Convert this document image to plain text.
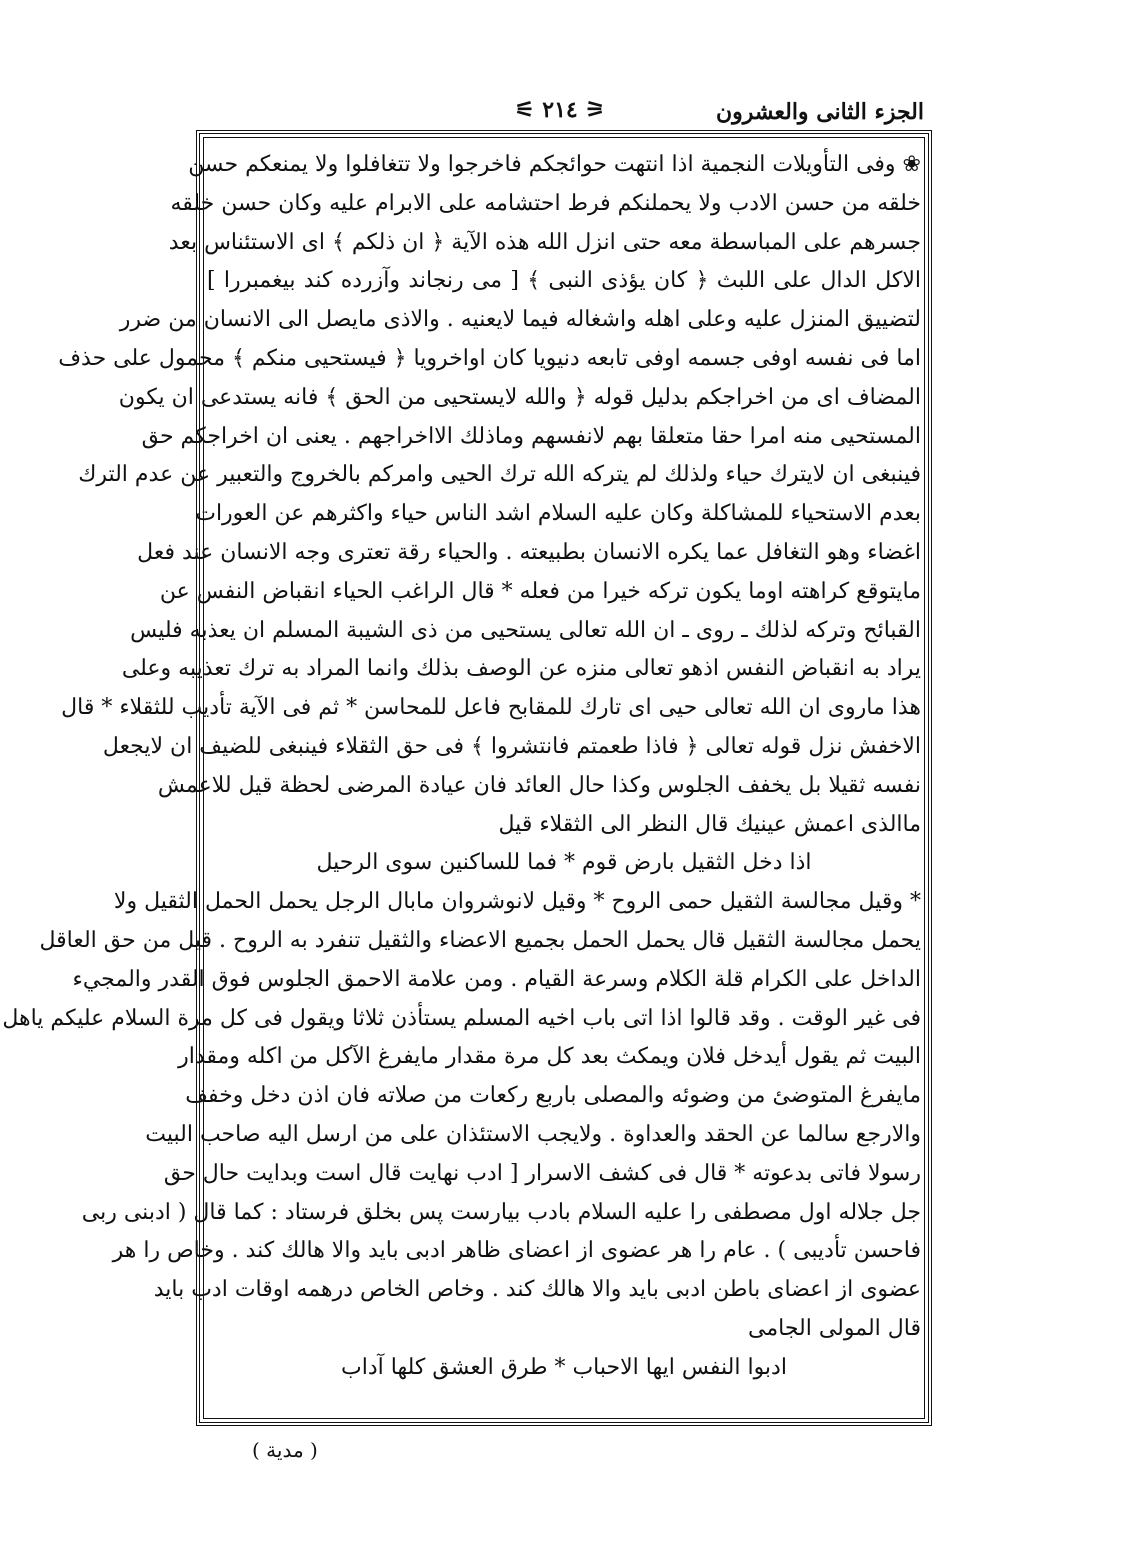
الجزء الثانى والعشرون
⚞ ٢١٤ ⚟
❀ وفى التأويلات النجمية اذا انتهت حوائجكم فاخرجوا ولا تتغافلوا ولا يمنعكم حسن
خلقه من حسن الادب ولا يحملنكم فرط احتشامه على الابرام عليه وكان حسن خلقه
جسرهم على المباسطة معه حتى انزل الله هذه الآية ﴿ ان ذلكم ﴾ اى الاستئناس بعد
الاكل الدال على اللبث ﴿ كان يؤذى النبى ﴾ [ مى رنجاند وآزرده كند بيغمبررا ]
لتضييق المنزل عليه وعلى اهله واشغاله فيما لايعنيه . والاذى مايصل الى الانسان من ضرر
اما فى نفسه اوفى جسمه اوفى تابعه دنيويا كان اواخرويا ﴿ فيستحيى منكم ﴾ محمول على حذف
المضاف اى من اخراجكم بدليل قوله ﴿ والله لايستحيى من الحق ﴾ فانه يستدعى ان يكون
المستحيى منه امرا حقا متعلقا بهم لانفسهم وماذلك الااخراجهم . يعنى ان اخراجكم حق
فينبغى ان لايترك حياء ولذلك لم يتركه الله ترك الحيى وامركم بالخروج والتعبير عن عدم الترك
بعدم الاستحياء للمشاكلة وكان عليه السلام اشد الناس حياء واكثرهم عن العورات
اغضاء وهو التغافل عما يكره الانسان بطبيعته . والحياء رقة تعترى وجه الانسان عند فعل
مايتوقع كراهته اوما يكون تركه خيرا من فعله * قال الراغب الحياء انقباض النفس عن
القبائح وتركه لذلك ـ روى ـ ان الله تعالى يستحيى من ذى الشيبة المسلم ان يعذبه فليس
يراد به انقباض النفس اذهو تعالى منزه عن الوصف بذلك وانما المراد به ترك تعذيبه وعلى
هذا ماروى ان الله تعالى حيى اى تارك للمقابح فاعل للمحاسن * ثم فى الآية تأديب للثقلاء * قال
الاخفش نزل قوله تعالى ﴿ فاذا طعمتم فانتشروا ﴾ فى حق الثقلاء فينبغى للضيف ان لايجعل
نفسه ثقيلا بل يخفف الجلوس وكذا حال العائد فان عيادة المرضى لحظة قيل للاعمش
ماالذى اعمش عينيك قال النظر الى الثقلاء قيل
اذا دخل الثقيل بارض قوم * فما للساكنين سوى الرحيل
* وقيل مجالسة الثقيل حمى الروح * وقيل لانوشروان مابال الرجل يحمل الحمل الثقيل ولا
يحمل مجالسة الثقيل قال يحمل الحمل بجميع الاعضاء والثقيل تنفرد به الروح . قيل من حق العاقل
الداخل على الكرام قلة الكلام وسرعة القيام . ومن علامة الاحمق الجلوس فوق القدر والمجيء
فى غير الوقت . وقد قالوا اذا اتى باب اخيه المسلم يستأذن ثلاثا ويقول فى كل مرة السلام عليكم ياهل
البيت ثم يقول أيدخل فلان ويمكث بعد كل مرة مقدار مايفرغ الآكل من اكله ومقدار
مايفرغ المتوضئ من وضوئه والمصلى باربع ركعات من صلاته فان اذن دخل وخفف
والارجع سالما عن الحقد والعداوة . ولايجب الاستئذان على من ارسل اليه صاحب البيت
رسولا فاتى بدعوته * قال فى كشف الاسرار [ ادب نهايت قال است وبدايت حال حق
جل جلاله اول مصطفى را عليه السلام بادب بيارست پس بخلق فرستاد : كما قال ( ادبنى ربى
فاحسن تأديبى ) . عام را هر عضوى از اعضاى ظاهر ادبى بايد والا هالك كند . وخاص را هر
عضوى از اعضاى باطن ادبى بايد والا هالك كند . وخاص الخاص درهمه اوقات ادب بايد
قال المولى الجامى
ادبوا النفس ايها الاحباب * طرق العشق كلها آداب
( مدية )
